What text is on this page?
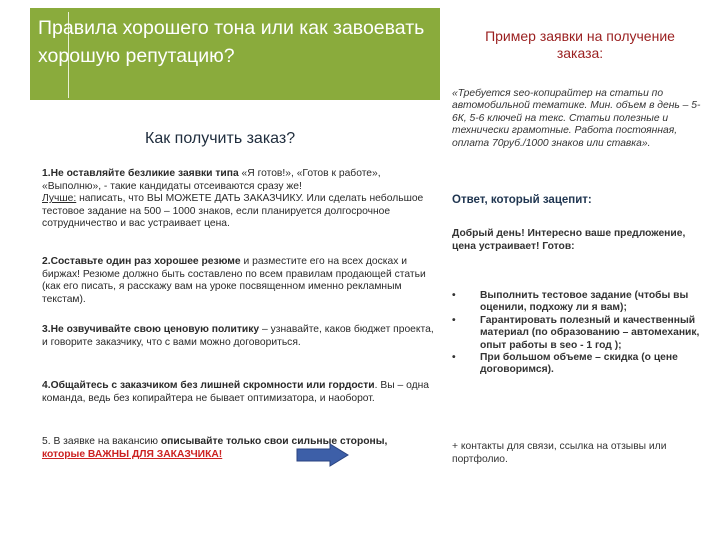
Правила хорошего тона или как завоевать хорошую репутацию?
Как получить заказ?

1.Не оставляйте безликие заявки типа «Я готов!», «Готов к работе», «Выполню», - такие кандидаты отсеиваются сразу же!
Лучше: написать, что ВЫ МОЖЕТЕ ДАТЬ ЗАКАЗЧИКУ. Или сделать небольшое тестовое задание на 500 – 1000 знаков, если планируется долгосрочное сотрудничество и вас устраивает цена.

2.Составьте один раз хорошее резюме и разместите его на всех досках и биржах! Резюме должно быть составлено по всем правилам продающей статьи (как его писать, я расскажу вам на уроке посвященном именно рекламным текстам).

3.Не озвучивайте свою ценовую политику – узнавайте, каков бюджет проекта, и говорите заказчику, что с вами можно договориться.

4.Общайтесь с заказчиком без лишней скромности или гордости. Вы – одна команда, ведь без копирайтера не бывает оптимизатора, и наоборот.

5. В заявке на вакансию описывайте только свои сильные стороны,
которые ВАЖНЫ ДЛЯ ЗАКАЗЧИКА!

Пример заявки на получение заказа:
«Требуется seo-копирайтер на статьи по автомобильной тематике. Мин. объем в день – 5-6К, 5-6 ключей на текс. Статьи полезные и технически грамотные. Работа постоянная, оплата 70руб./1000 знаков или ставка».
Ответ, который зацепит:
Добрый день! Интересно ваше предложение, цена устраивает! Готов:
• Выполнить тестовое задание (чтобы вы оценили, подхожу ли я вам);
• Гарантировать полезный и качественный материал (по образованию – автомеханик, опыт работы в seo - 1 год );
• При большом объеме – скидка (о цене договоримся).
+ контакты для связи, ссылка на отзывы или портфолио.
